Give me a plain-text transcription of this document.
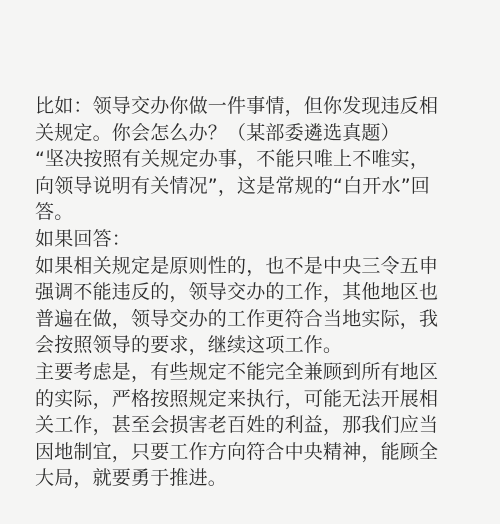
比如：领导交办你做一件事情，但你发现违反相
关规定。你会怎么办？（某部委遴选真题）
“坚决按照有关规定办事，不能只唯上不唯实，
向领导说明有关情况”，这是常规的“白开水”回
答。
如果回答：
如果相关规定是原则性的，也不是中央三令五申
强调不能违反的，领导交办的工作，其他地区也
普遍在做，领导交办的工作更符合当地实际，我
会按照领导的要求，继续这项工作。
主要考虑是，有些规定不能完全兼顾到所有地区
的实际，严格按照规定来执行，可能无法开展相
关工作，甚至会损害老百姓的利益，那我们应当
因地制宜，只要工作方向符合中央精神，能顾全
大局，就要勇于推进。
